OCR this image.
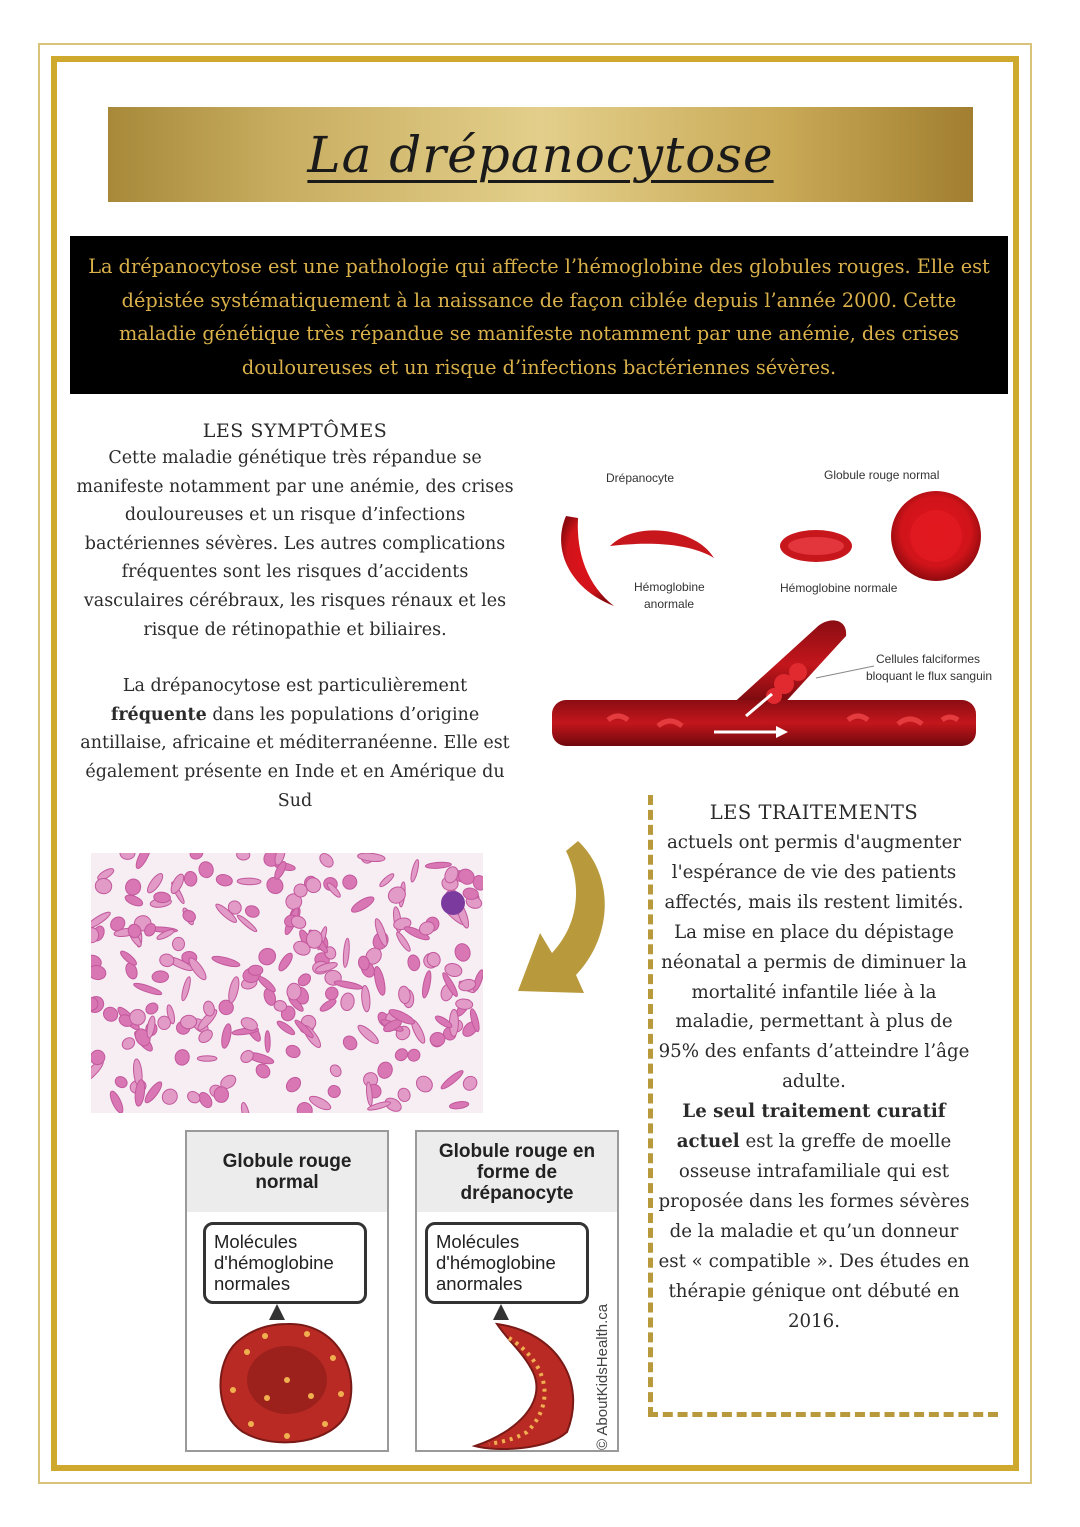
La drépanocytose

La drépanocytose est une pathologie qui affecte l’hémoglobine des globules rouges. Elle est dépistée systématiquement à la naissance de façon ciblée depuis l’année 2000. Cette maladie génétique très répandue se manifeste notamment par une anémie, des crises douloureuses et un risque d’infections bactériennes sévères.

LES SYMPTÔMES

Cette maladie génétique très répandue se manifeste notamment par une anémie, des crises douloureuses et un risque d’infections bactériennes sévères. Les autres complications fréquentes sont les risques d’accidents vasculaires cérébraux, les risques rénaux et les risque de rétinopathie et biliaires.

La drépanocytose est particulièrement fréquente dans les populations d’origine antillaise, africaine et méditerranéenne. Elle est également présente en Inde et en Amérique du Sud

Drépanocyte	Globule rouge normal
Hémoglobine
anormale
Hémoglobine normale
Cellules falciformes
bloquant le flux sanguin
Globule rouge
normal
Molécules
d'hémoglobine
normales
Globule rouge en
forme de
drépanocyte
Molécules
d'hémoglobine
anormales
© AboutKidsHealth.ca
LES TRAITEMENTS

actuels ont permis d'augmenter l'espérance de vie des patients affectés, mais ils restent limités. La mise en place du dépistage néonatal a permis de diminuer la mortalité infantile liée à la maladie, permettant à plus de 95% des enfants d’atteindre l’âge adulte.

Le seul traitement curatif actuel est la greffe de moelle osseuse intrafamiliale qui est proposée dans les formes sévères de la maladie et qu’un donneur est « compatible ». Des études en thérapie génique ont débuté en 2016.
